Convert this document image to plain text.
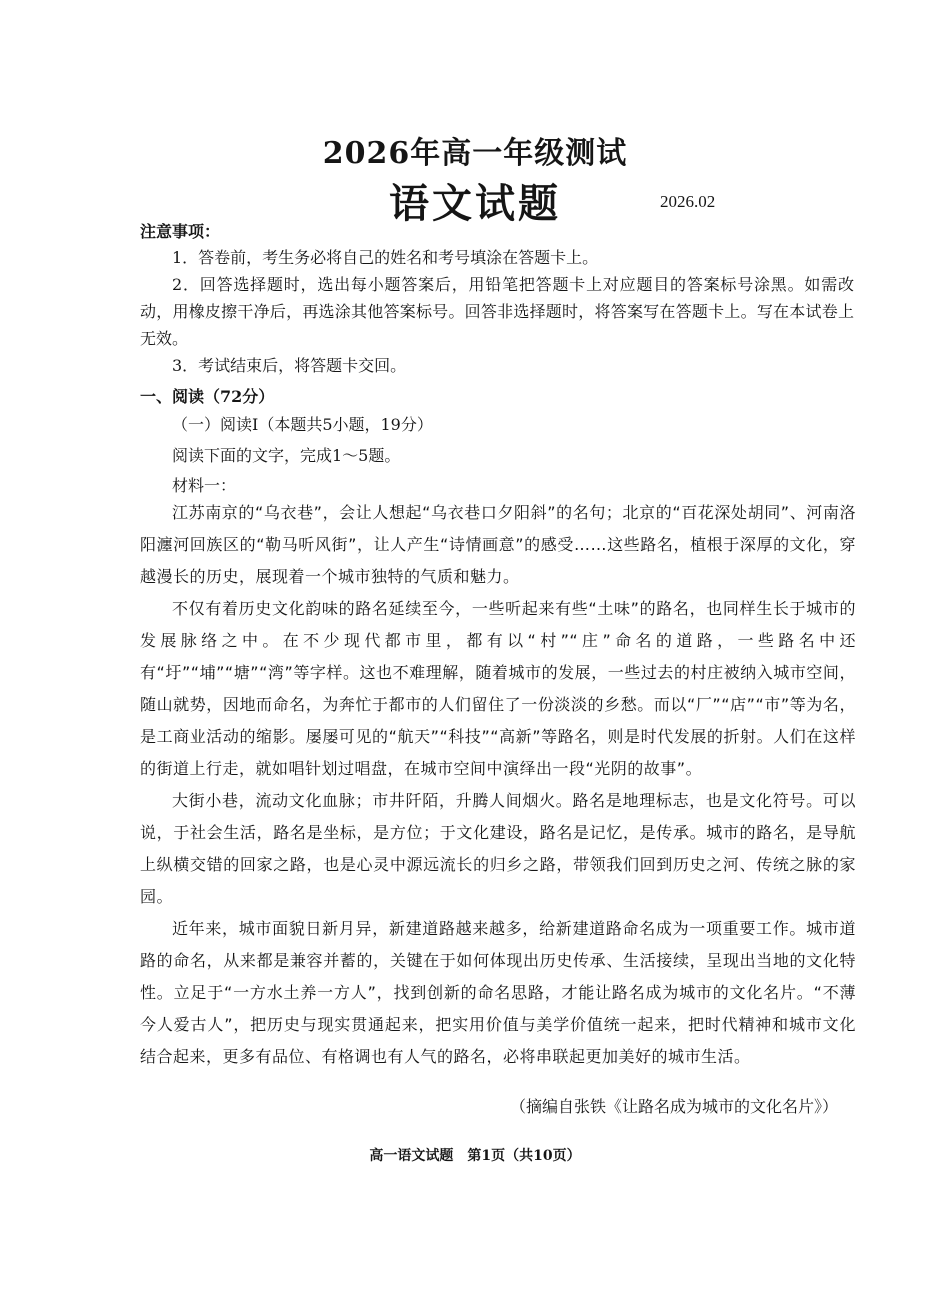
2026年高一年级测试
语文试题	2026.02
注意事项：
1．答卷前，考生务必将自己的姓名和考号填涂在答题卡上。
2．回答选择题时，选出每小题答案后，用铅笔把答题卡上对应题目的答案标号涂黑。如需改动，用橡皮擦干净后，再选涂其他答案标号。回答非选择题时，将答案写在答题卡上。写在本试卷上无效。
3．考试结束后，将答题卡交回。
一、阅读（72分）
（一）阅读Ⅰ（本题共5小题，19分）
阅读下面的文字，完成1～5题。
材料一：

江苏南京的“乌衣巷”，会让人想起“乌衣巷口夕阳斜”的名句；北京的“百花深处胡同”、河南洛阳瀍河回族区的“勒马听风街”，让人产生“诗情画意”的感受……这些路名，植根于深厚的文化，穿越漫长的历史，展现着一个城市独特的气质和魅力。

不仅有着历史文化韵味的路名延续至今，一些听起来有些“土味”的路名，也同样生长于城市的发展脉络之中。在不少现代都市里，都有以“村”“庄”命名的道路，一些路名中还有“圩”“埔”“塘”“湾”等字样。这也不难理解，随着城市的发展，一些过去的村庄被纳入城市空间，随山就势，因地而命名，为奔忙于都市的人们留住了一份淡淡的乡愁。而以“厂”“店”“市”等为名，是工商业活动的缩影。屡屡可见的“航天”“科技”“高新”等路名，则是时代发展的折射。人们在这样的街道上行走，就如唱针划过唱盘，在城市空间中演绎出一段“光阴的故事”。

大街小巷，流动文化血脉；市井阡陌，升腾人间烟火。路名是地理标志，也是文化符号。可以说，于社会生活，路名是坐标，是方位；于文化建设，路名是记忆，是传承。城市的路名，是导航上纵横交错的回家之路，也是心灵中源远流长的归乡之路，带领我们回到历史之河、传统之脉的家园。

近年来，城市面貌日新月异，新建道路越来越多，给新建道路命名成为一项重要工作。城市道路的命名，从来都是兼容并蓄的，关键在于如何体现出历史传承、生活接续，呈现出当地的文化特性。立足于“一方水土养一方人”，找到创新的命名思路，才能让路名成为城市的文化名片。“不薄今人爱古人”，把历史与现实贯通起来，把实用价值与美学价值统一起来，把时代精神和城市文化结合起来，更多有品位、有格调也有人气的路名，必将串联起更加美好的城市生活。

（摘编自张铁《让路名成为城市的文化名片》）
高一语文试题　第1页（共10页）
